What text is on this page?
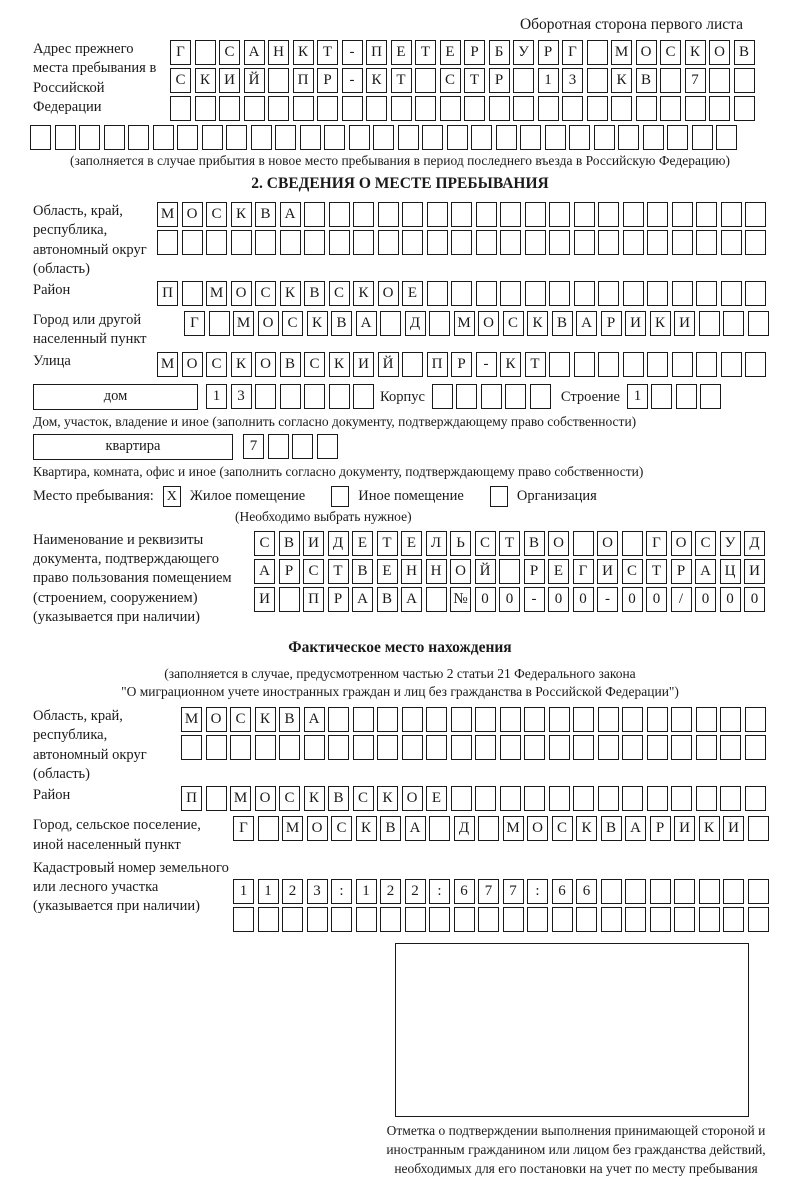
Оборотная сторона первого листа
Адрес прежнего места пребывания в Российской Федерации
Г	С А Н К Т	-	П Е	Т	Е	Р	Б У	Р	Г	М О С К О В
С К И Й	П Р	-	К Т	С Т	Р	1	3	К В	7
(заполняется в случае прибытия в новое место пребывания в период последнего въезда в Российскую Федерацию)
2. СВЕДЕНИЯ О МЕСТЕ ПРЕБЫВАНИЯ
Область, край, республика, автономный округ (область)
М О С К В А
Район	П	М О С К В С К О Е
Город или другой населенный пункт
Г	М О С К В А	Д	М О С К В А Р И К И
Улица	М О С К О В С К И Й	П Р	-	К Т
дом	1	3	Корпус	Строение 1
Дом, участок, владение и иное (заполнить согласно документу, подтверждающему право собственности)
квартира	7
Квартира, комната, офис и иное (заполнить согласно документу, подтверждающему право собственности)
Место пребывания: X Жилое помещение	Иное помещение	Организация
(Необходимо выбрать нужное)
Наименование и реквизиты документа, подтверждающего право пользования помещением (строением, сооружением) (указывается при наличии)
С В И Д Е	Т	Е Л	Ь	С Т В О	О	Г О С У Д
А Р	С Т В Е Н Н О Й	Р	Е	Г И С Т	Р А Ц И
И	П Р А В А	№ 0	0	-	0	0	-	0	0	/	0	0	0
Фактическое место нахождения
(заполняется в случае, предусмотренном частью 2 статьи 21 Федерального закона
"О миграционном учете иностранных граждан и лиц без гражданства в Российской Федерации")
Область, край, республика, автономный округ (область)
М О С К В А
Район	П	М О С К В С К О Е
Город, сельское поселение, иной населенный пункт
Г	М О С К В А	Д	М О С К В А Р И К И
Кадастровый номер земельного или лесного участка (указывается при наличии)
1	1	2	3	:	1	2	2	:	6	7	7	:	6	6
Отметка о подтверждении выполнения принимающей стороной и иностранным гражданином или лицом без гражданства действий, необходимых для его постановки на учет по месту пребывания
